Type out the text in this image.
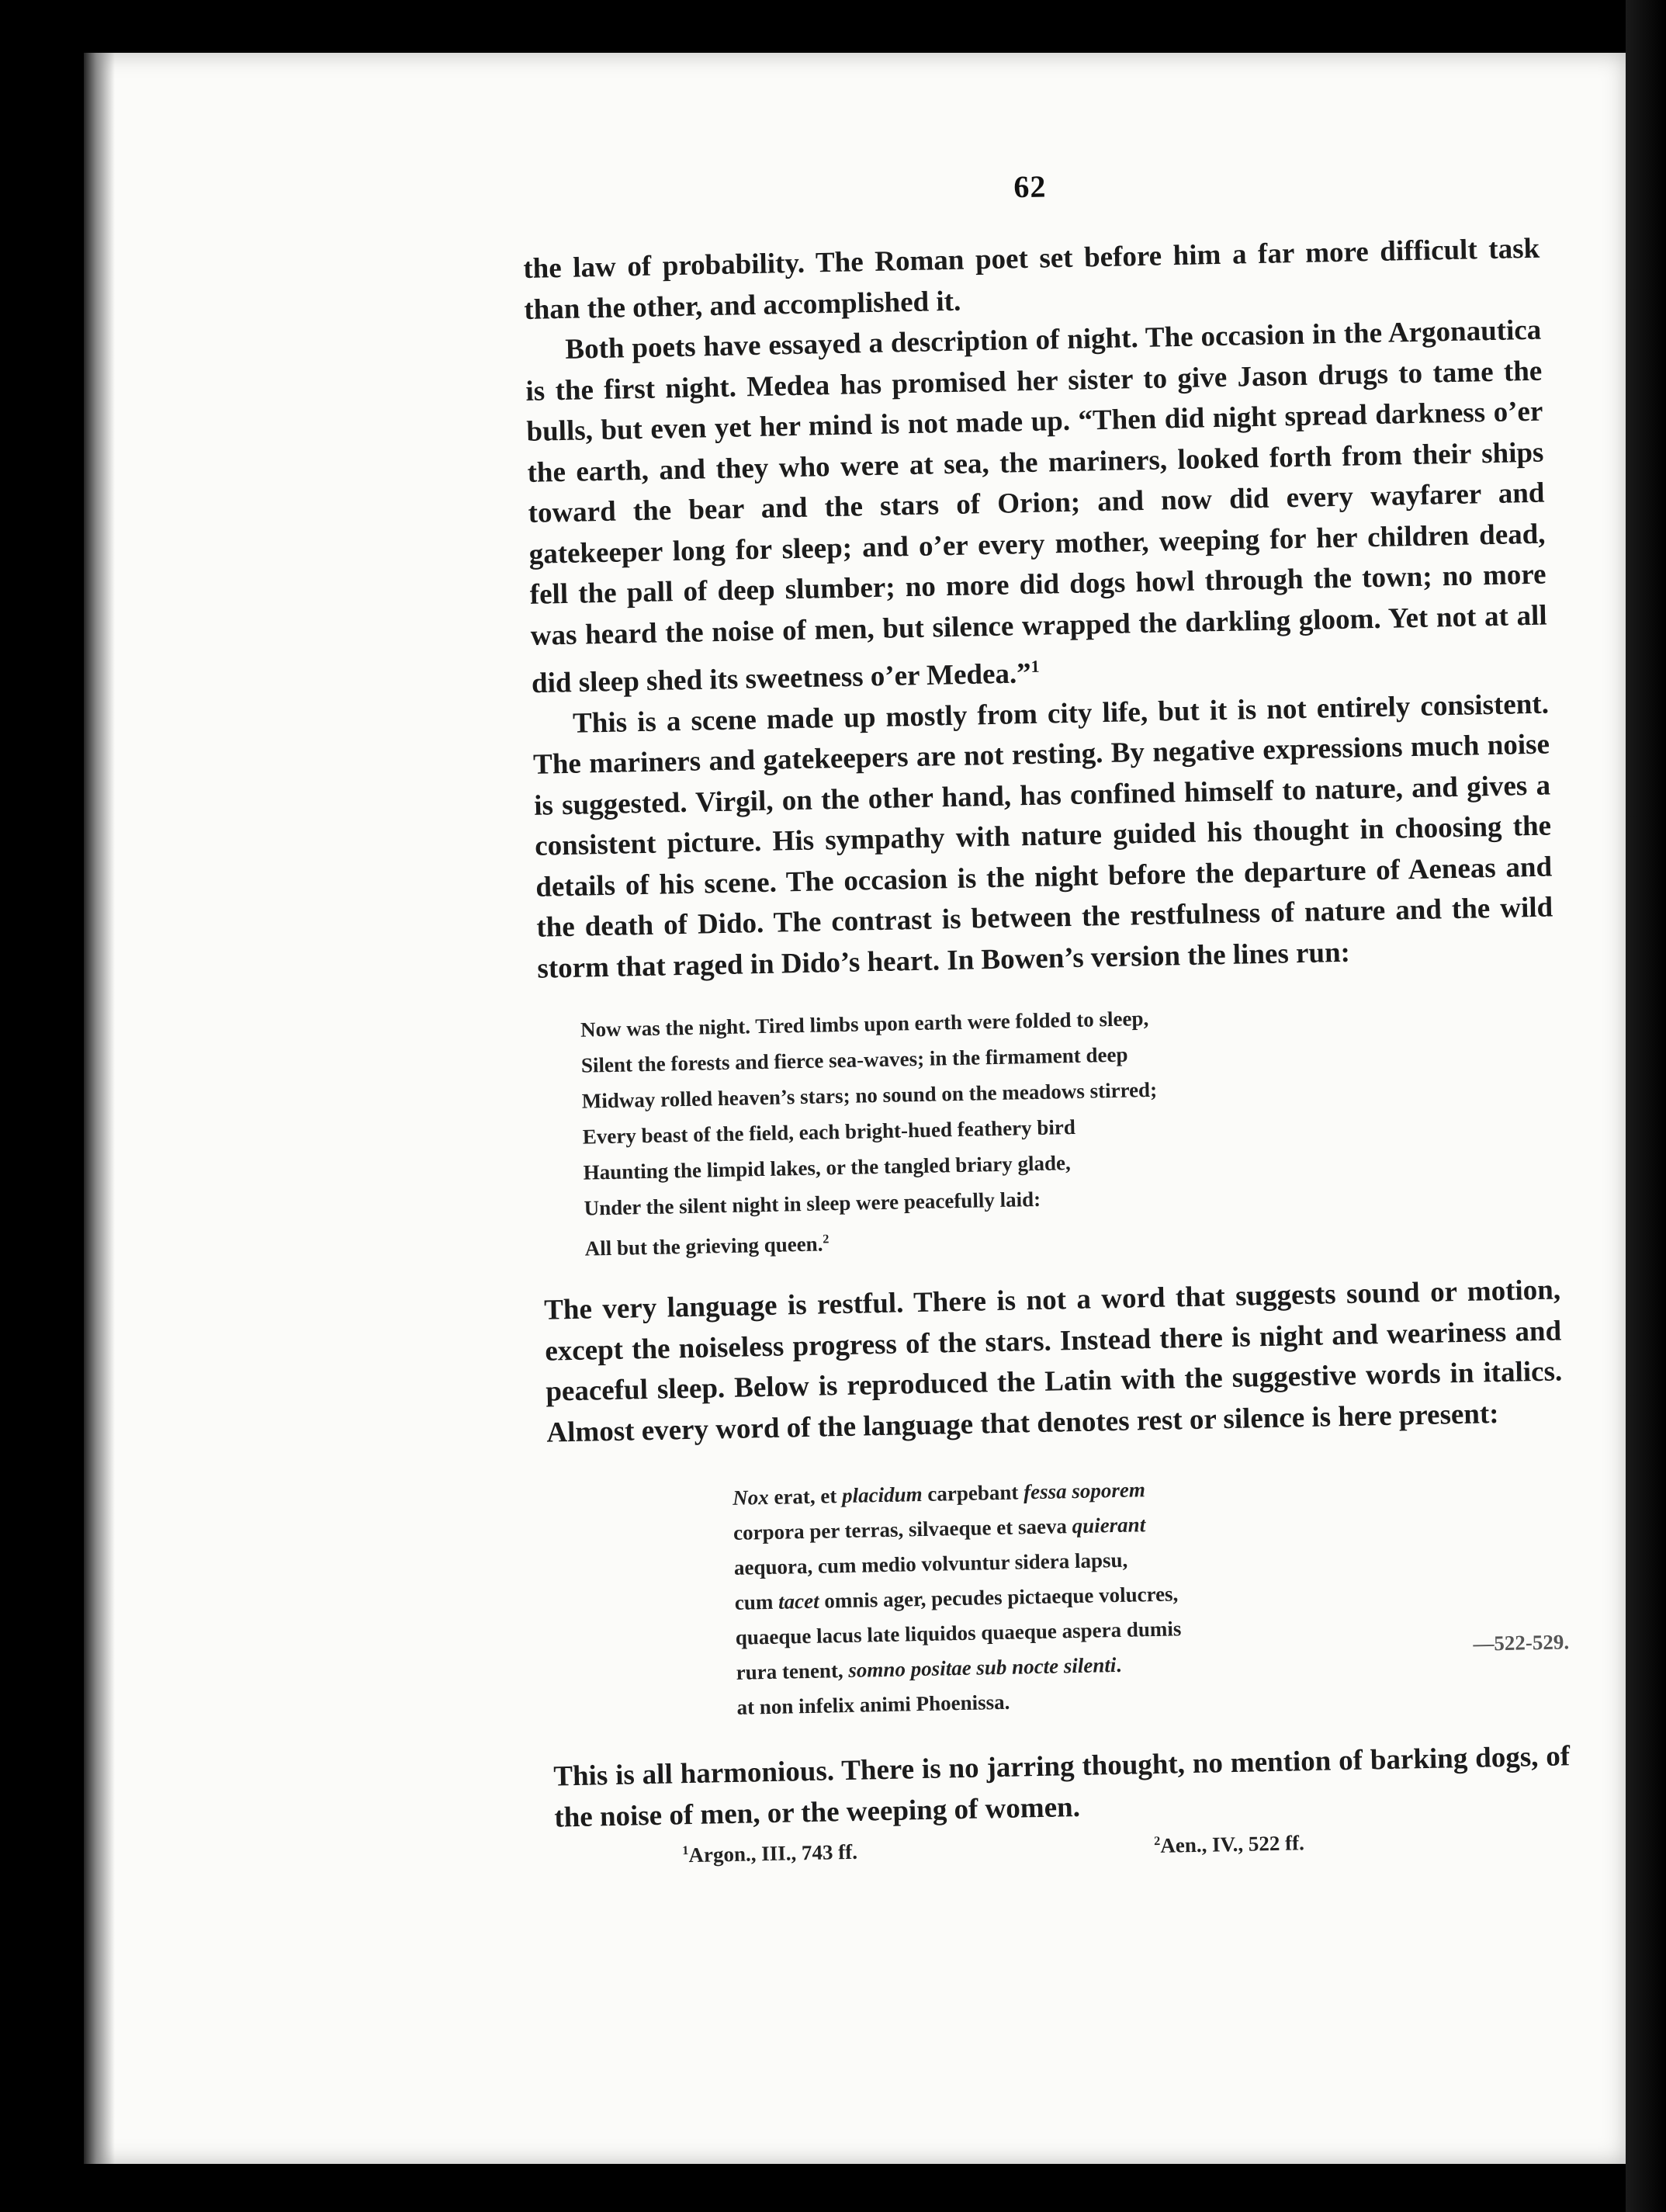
62

the law of probability. The Roman poet set before him a far more difficult task than the other, and accomplished it.

Both poets have essayed a description of night. The occasion in the Argonautica is the first night. Medea has promised her sister to give Jason drugs to tame the bulls, but even yet her mind is not made up. “Then did night spread darkness o’er the earth, and they who were at sea, the mariners, looked forth from their ships toward the bear and the stars of Orion; and now did every wayfarer and gatekeeper long for sleep; and o’er every mother, weeping for her children dead, fell the pall of deep slumber; no more did dogs howl through the town; no more was heard the noise of men, but silence wrapped the darkling gloom. Yet not at all did sleep shed its sweetness o’er Medea.”$^1$

This is a scene made up mostly from city life, but it is not entirely consistent. The mariners and gatekeepers are not resting. By negative expressions much noise is suggested. Virgil, on the other hand, has confined himself to nature, and gives a consistent picture. His sympathy with nature guided his thought in choosing the details of his scene. The occasion is the night before the departure of Aeneas and the death of Dido. The contrast is between the restfulness of nature and the wild storm that raged in Dido’s heart. In Bowen’s version the lines run:

Now was the night. Tired limbs upon earth were folded to sleep,
Silent the forests and fierce sea-waves; in the firmament deep
Midway rolled heaven’s stars; no sound on the meadows stirred;
Every beast of the field, each bright-hued feathery bird
Haunting the limpid lakes, or the tangled briary glade,
Under the silent night in sleep were peacefully laid:
All but the grieving queen.$^2$

The very language is restful. There is not a word that suggests sound or motion, except the noiseless progress of the stars. Instead there is night and weariness and peaceful sleep. Below is reproduced the Latin with the suggestive words in italics. Almost every word of the language that denotes rest or silence is here present:

Nox erat, et placidum carpebant fessa soporem
corpora per terras, silvaeque et saeva quierant
aequora, cum medio volvuntur sidera lapsu,
cum tacet omnis ager, pecudes pictaeque volucres,
quaeque lacus late liquidos quaeque aspera dumis
rura tenent, somno positae sub nocte silenti.
at non infelix animi Phoenissa.
—522-529.

This is all harmonious. There is no jarring thought, no mention of barking dogs, of the noise of men, or the weeping of women.

$^1$Argon., III., 743 ff.	$^2$Aen., IV., 522 ff.
